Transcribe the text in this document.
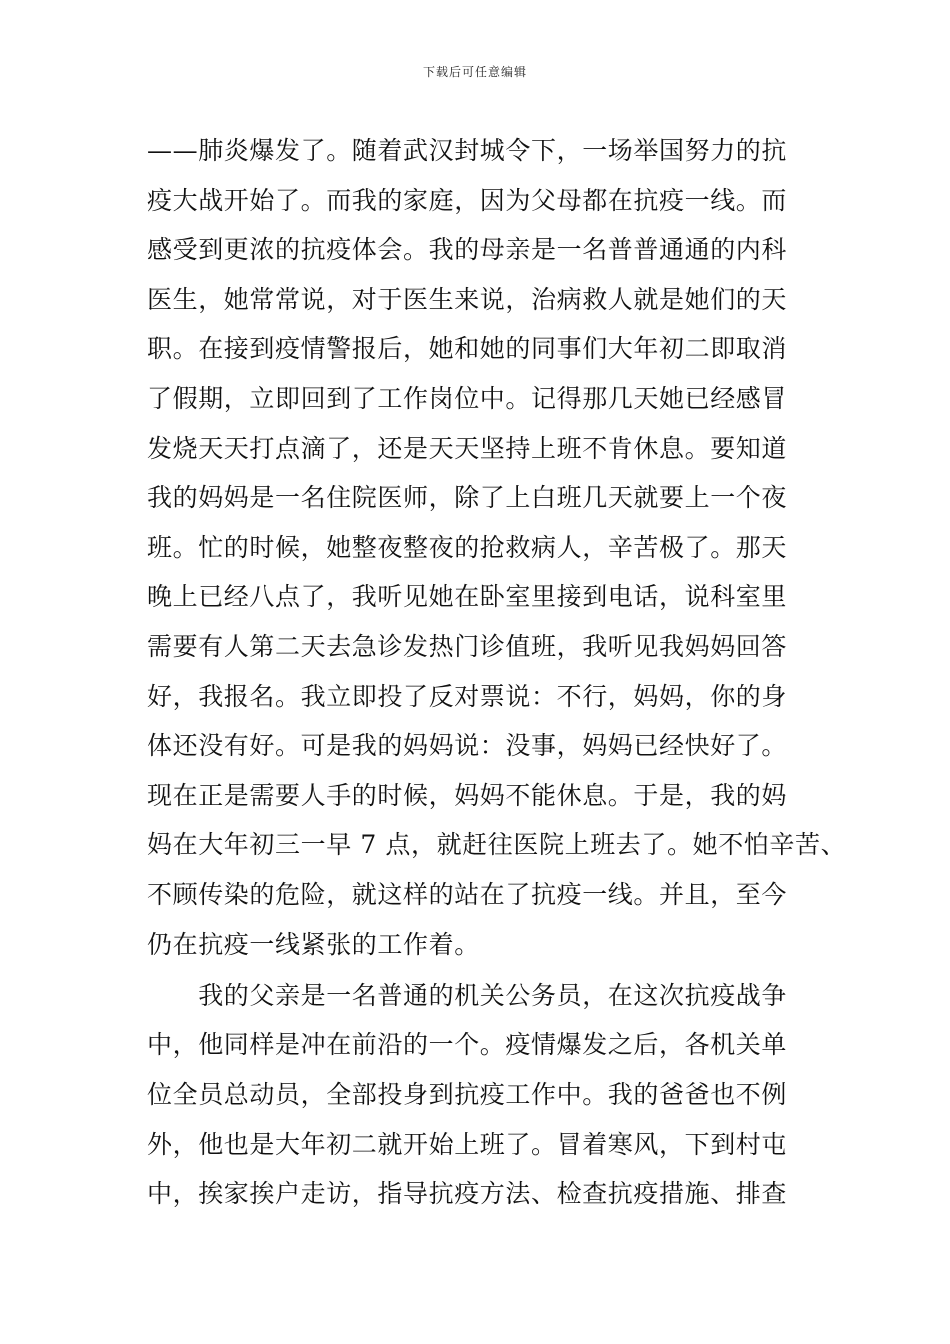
下载后可任意编辑
——肺炎爆发了。随着武汉封城令下，一场举国努力的抗
疫大战开始了。而我的家庭，因为父母都在抗疫一线。而
感受到更浓的抗疫体会。我的母亲是一名普普通通的内科
医生，她常常说，对于医生来说，治病救人就是她们的天
职。在接到疫情警报后，她和她的同事们大年初二即取消
了假期，立即回到了工作岗位中。记得那几天她已经感冒
发烧天天打点滴了，还是天天坚持上班不肯休息。要知道
我的妈妈是一名住院医师，除了上白班几天就要上一个夜
班。忙的时候，她整夜整夜的抢救病人，辛苦极了。那天
晚上已经八点了，我听见她在卧室里接到电话，说科室里
需要有人第二天去急诊发热门诊值班，我听见我妈妈回答
好，我报名。我立即投了反对票说：不行，妈妈，你的身
体还没有好。可是我的妈妈说：没事，妈妈已经快好了。
现在正是需要人手的时候，妈妈不能休息。于是，我的妈
妈在大年初三一早 7 点，就赶往医院上班去了。她不怕辛苦、
不顾传染的危险，就这样的站在了抗疫一线。并且，至今
仍在抗疫一线紧张的工作着。
　　我的父亲是一名普通的机关公务员，在这次抗疫战争
中，他同样是冲在前沿的一个。疫情爆发之后，各机关单
位全员总动员，全部投身到抗疫工作中。我的爸爸也不例
外，他也是大年初二就开始上班了。冒着寒风，下到村屯
中，挨家挨户走访，指导抗疫方法、检查抗疫措施、排查
